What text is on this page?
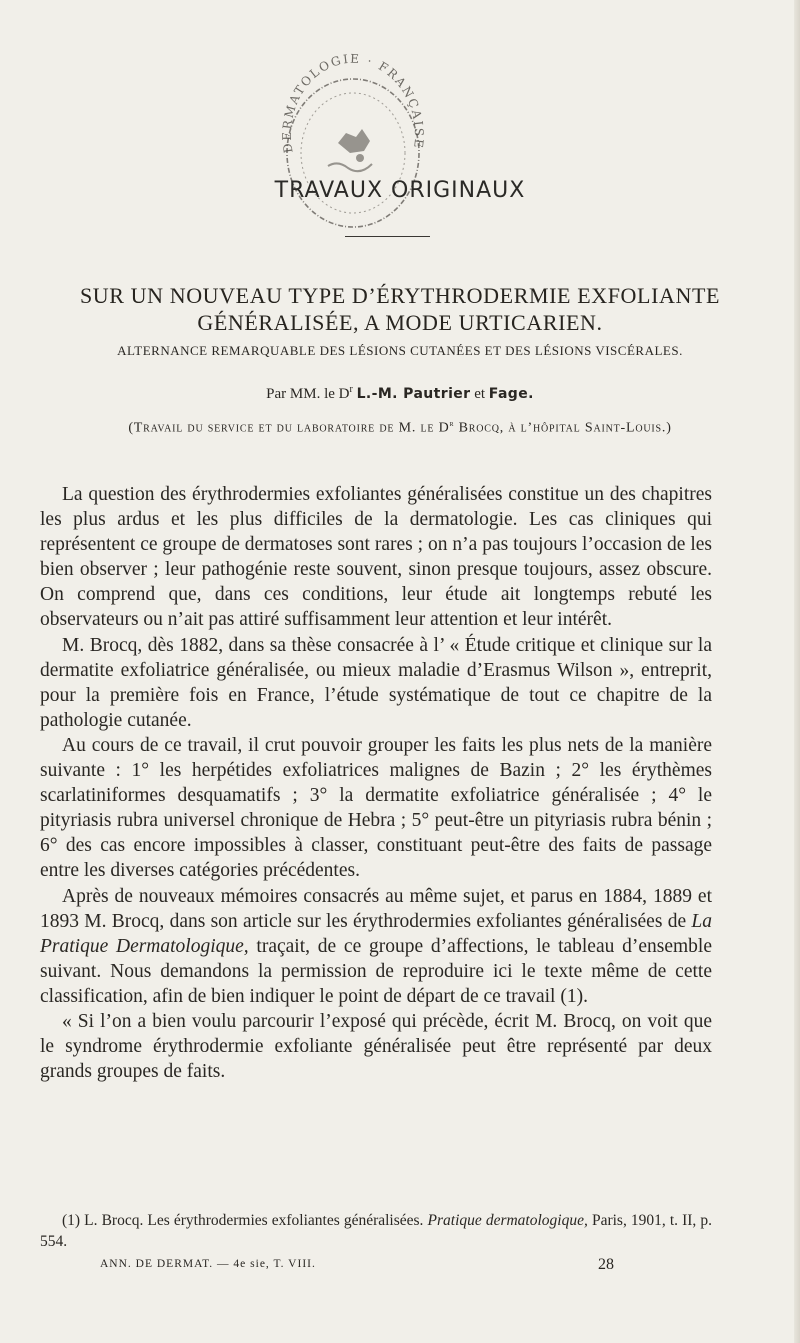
DERMATOLOGIE · FRANÇAISE
TRAVAUX ORIGINAUX
SUR UN NOUVEAU TYPE D’ÉRYTHRODERMIE EXFOLIANTE
GÉNÉRALISÉE, A MODE URTICARIEN.
ALTERNANCE REMARQUABLE DES LÉSIONS CUTANÉES ET DES LÉSIONS VISCÉRALES.
Par MM. le $D^r$ L.-M. Pautrier et Fage.
(Travail du service et du laboratoire de M. le $D^r$ Brocq, à l’hôpital Saint-Louis.)

La question des érythrodermies exfoliantes généralisées constitue un des chapitres les plus ardus et les plus difficiles de la dermatologie. Les cas cliniques qui représentent ce groupe de dermatoses sont rares ; on n’a pas toujours l’occasion de les bien observer ; leur pathogénie reste souvent, sinon presque toujours, assez obscure. On comprend que, dans ces conditions, leur étude ait longtemps rebuté les observateurs ou n’ait pas attiré suffisamment leur attention et leur intérêt.

M. Brocq, dès 1882, dans sa thèse consacrée à l’ « Étude critique et clinique sur la dermatite exfoliatrice généralisée, ou mieux maladie d’Erasmus Wilson », entreprit, pour la première fois en France, l’étude systématique de tout ce chapitre de la pathologie cutanée.

Au cours de ce travail, il crut pouvoir grouper les faits les plus nets de la manière suivante : 1° les herpétides exfoliatrices malignes de Bazin ; 2° les érythèmes scarlatiniformes desquamatifs ; 3° la dermatite exfoliatrice généralisée ; 4° le pityriasis rubra universel chronique de Hebra ; 5° peut-être un pityriasis rubra bénin ; 6° des cas encore impossibles à classer, constituant peut-être des faits de passage entre les diverses catégories précédentes.

Après de nouveaux mémoires consacrés au même sujet, et parus en 1884, 1889 et 1893 M. Brocq, dans son article sur les érythrodermies exfoliantes généralisées de La Pratique Dermatologique, traçait, de ce groupe d’affections, le tableau d’ensemble suivant. Nous demandons la permission de reproduire ici le texte même de cette classification, afin de bien indiquer le point de départ de ce travail (1).

« Si l’on a bien voulu parcourir l’exposé qui précède, écrit M. Brocq, on voit que le syndrome érythrodermie exfoliante généralisée peut être représenté par deux grands groupes de faits.

(1) L. Brocq. Les érythrodermies exfoliantes généralisées. Pratique dermatologique, Paris, 1901, t. II, p. 554.

ANN. DE DERMAT. — 4e sie, T. VIII.	28
